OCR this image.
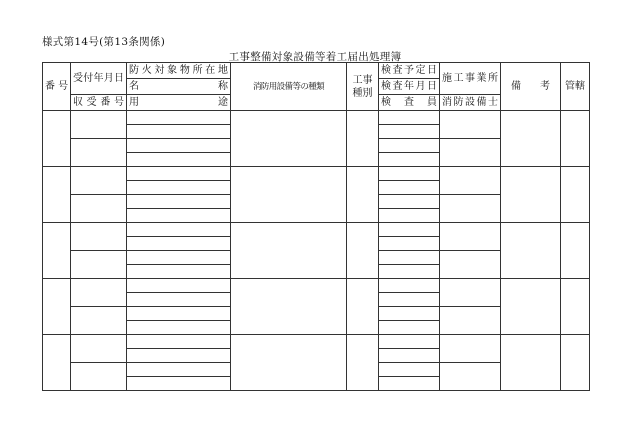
様式第14号(第13条関係)
工事整備対象設備等着工届出処理簿
番 号	受付年月日	防火対象物所在地	消防用設備等の種類	工事種別	検査予定日	施工事業所	備 考	管轄

		名 称			検査年月日			
	収受番号	用 途			検査員	消防設備士		
